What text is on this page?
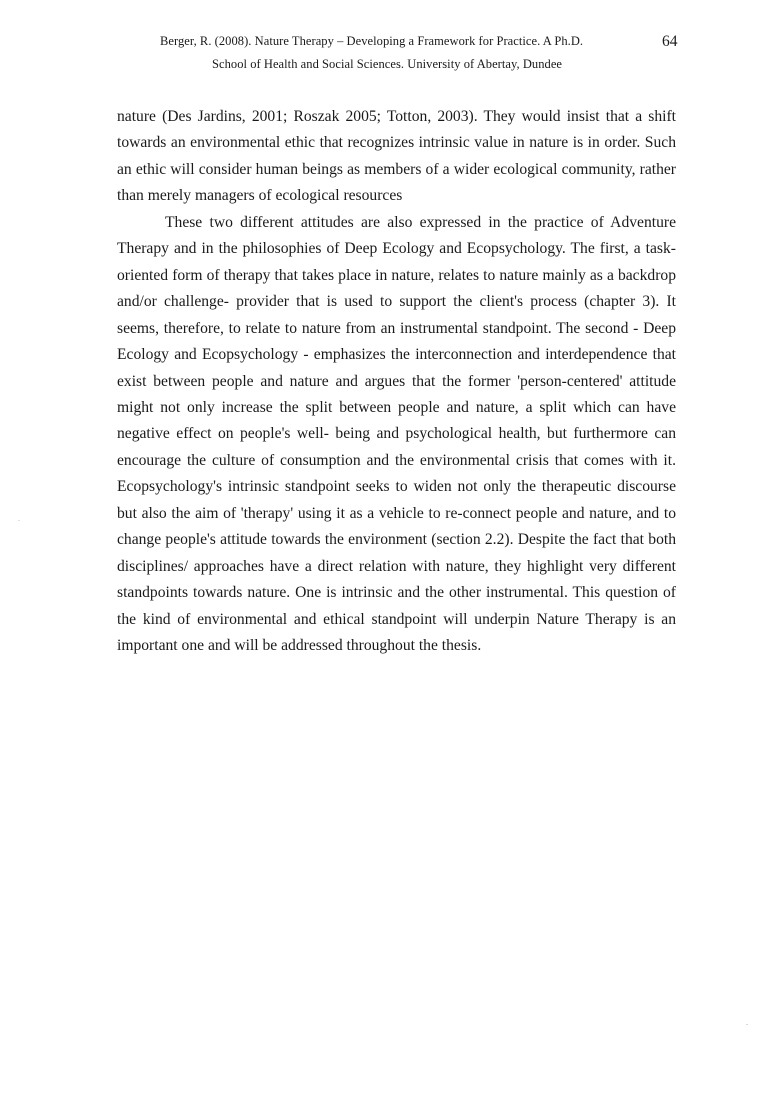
Berger, R. (2008). Nature Therapy – Developing a Framework for Practice. A Ph.D.	64
School of Health and Social Sciences. University of Abertay, Dundee

nature (Des Jardins, 2001; Roszak 2005; Totton, 2003). They would insist that a shift towards an environmental ethic that recognizes intrinsic value in nature is in order. Such an ethic will consider human beings as members of a wider ecological community, rather than merely managers of ecological resources

These two different attitudes are also expressed in the practice of Adventure Therapy and in the philosophies of Deep Ecology and Ecopsychology. The first, a task-oriented form of therapy that takes place in nature, relates to nature mainly as a backdrop and/or challenge- provider that is used to support the client's process (chapter 3). It seems, therefore, to relate to nature from an instrumental standpoint. The second - Deep Ecology and Ecopsychology - emphasizes the interconnection and interdependence that exist between people and nature and argues that the former 'person-centered' attitude might not only increase the split between people and nature, a split which can have negative effect on people's well- being and psychological health, but furthermore can encourage the culture of consumption and the environmental crisis that comes with it. Ecopsychology's intrinsic standpoint seeks to widen not only the therapeutic discourse but also the aim of 'therapy' using it as a vehicle to re-connect people and nature, and to change people's attitude towards the environment (section 2.2). Despite the fact that both disciplines/ approaches have a direct relation with nature, they highlight very different standpoints towards nature. One is intrinsic and the other instrumental. This question of the kind of environmental and ethical standpoint will underpin Nature Therapy is an important one and will be addressed throughout the thesis.
